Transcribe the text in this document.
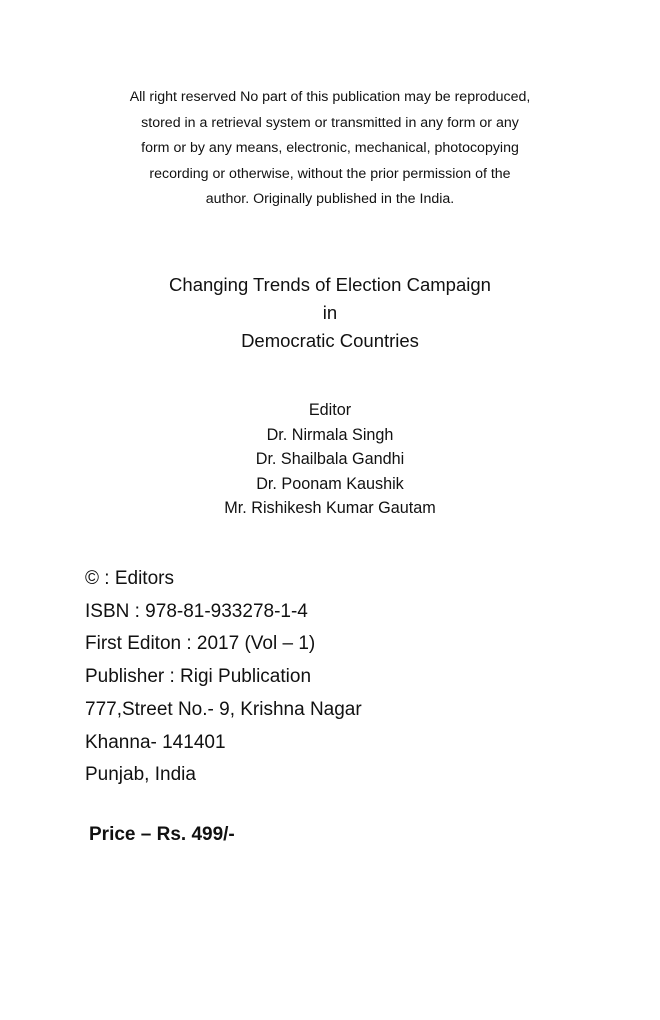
All right reserved No part of this publication may be reproduced,
stored in a retrieval system or transmitted in any form or any
form or by any means, electronic, mechanical, photocopying
recording or otherwise, without the prior permission of the
author. Originally published in the India.
Changing Trends of Election Campaign
in
Democratic Countries
Editor
Dr. Nirmala Singh
Dr. Shailbala Gandhi
Dr. Poonam Kaushik
Mr. Rishikesh Kumar Gautam
© : Editors
ISBN : 978-81-933278-1-4
First Editon : 2017 (Vol – 1)
Publisher : Rigi Publication
777,Street No.- 9, Krishna Nagar
Khanna- 141401
Punjab, India
Price – Rs. 499/-
